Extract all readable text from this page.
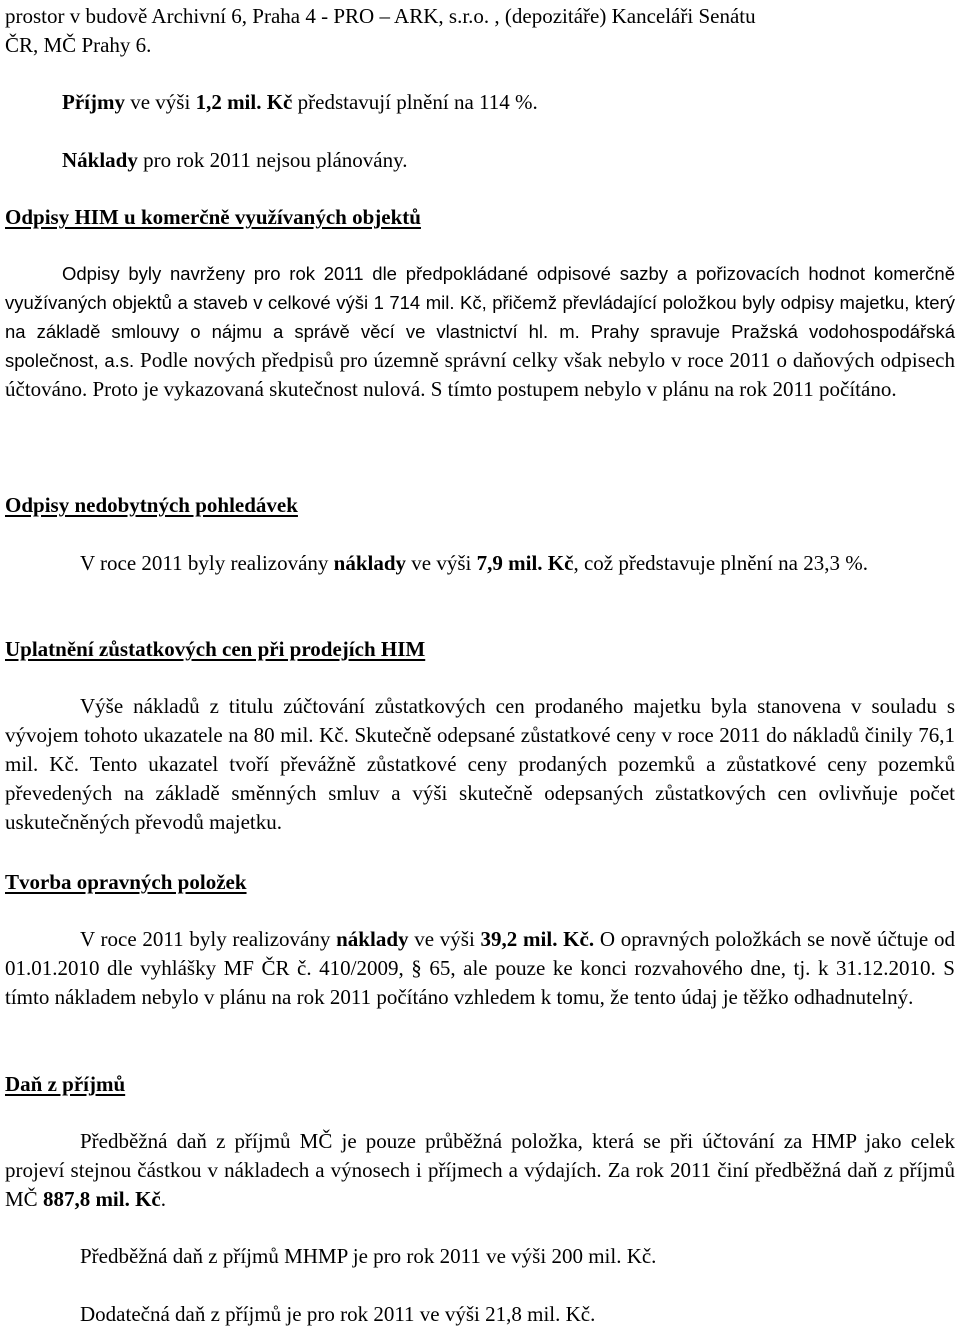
prostor v budově Archivní 6, Praha 4 - PRO – ARK, s.r.o. , (depozitáře) Kanceláři Senátu
ČR, MČ Prahy 6.

Příjmy ve výši 1,2 mil. Kč představují plnění na 114 %.

Náklady pro rok 2011 nejsou plánovány.

Odpisy HIM u komerčně využívaných objektů

Odpisy byly navrženy pro rok 2011 dle předpokládané odpisové sazby a pořizovacích hodnot komerčně využívaných objektů a staveb v celkové výši 1 714 mil. Kč, přičemž převládající položkou byly odpisy majetku, který na základě smlouvy o nájmu a správě věcí ve vlastnictví hl. m. Prahy spravuje Pražská vodohospodářská společnost, a.s. Podle nových předpisů pro územně správní celky však nebylo v roce 2011 o daňových odpisech účtováno. Proto je vykazovaná skutečnost nulová. S tímto postupem nebylo v plánu na rok 2011 počítáno.

Odpisy nedobytných pohledávek

V roce 2011 byly realizovány náklady ve výši 7,9 mil. Kč, což představuje plnění na 23,3 %.

Uplatnění zůstatkových cen při prodejích HIM

Výše nákladů z titulu zúčtování zůstatkových cen prodaného majetku byla stanovena v souladu s vývojem tohoto ukazatele na 80 mil. Kč. Skutečně odepsané zůstatkové ceny v roce 2011 do nákladů činily 76,1 mil. Kč. Tento ukazatel tvoří převážně zůstatkové ceny prodaných pozemků a zůstatkové ceny pozemků převedených na základě směnných smluv a výši skutečně odepsaných zůstatkových cen ovlivňuje počet uskutečněných převodů majetku.

Tvorba opravných položek

V roce 2011 byly realizovány náklady ve výši 39,2 mil. Kč. O opravných položkách se nově účtuje od 01.01.2010 dle vyhlášky MF ČR č. 410/2009, § 65, ale pouze ke konci rozvahového dne, tj. k 31.12.2010. S tímto nákladem nebylo v plánu na rok 2011 počítáno vzhledem k tomu, že tento údaj je těžko odhadnutelný.

Daň z příjmů

Předběžná daň z příjmů MČ je pouze průběžná položka, která se při účtování za HMP jako celek projeví stejnou částkou v nákladech a výnosech i příjmech a výdajích. Za rok 2011 činí předběžná daň z příjmů MČ 887,8 mil. Kč.

Předběžná daň z příjmů MHMP je pro rok 2011 ve výši 200 mil. Kč.

Dodatečná daň z příjmů je pro rok 2011 ve výši 21,8 mil. Kč.
